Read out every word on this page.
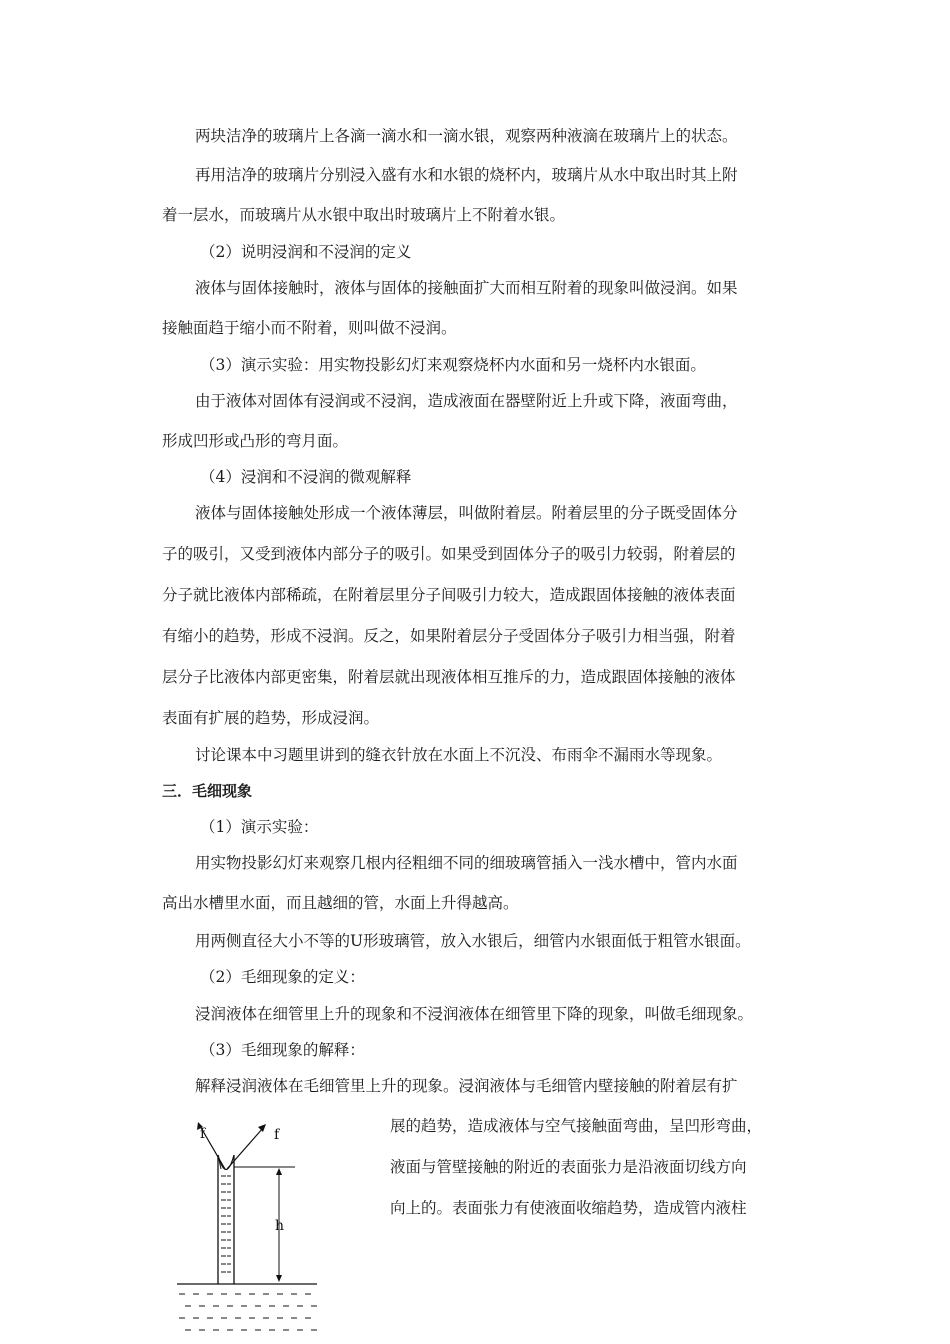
两块洁净的玻璃片上各滴一滴水和一滴水银，观察两种液滴在玻璃片上的状态。
再用洁净的玻璃片分别浸入盛有水和水银的烧杯内，玻璃片从水中取出时其上附
着一层水，而玻璃片从水银中取出时玻璃片上不附着水银。
（2）说明浸润和不浸润的定义
液体与固体接触时，液体与固体的接触面扩大而相互附着的现象叫做浸润。如果
接触面趋于缩小而不附着，则叫做不浸润。
（3）演示实验：用实物投影幻灯来观察烧杯内水面和另一烧杯内水银面。
由于液体对固体有浸润或不浸润，造成液面在器壁附近上升或下降，液面弯曲，
形成凹形或凸形的弯月面。
（4）浸润和不浸润的微观解释
液体与固体接触处形成一个液体薄层，叫做附着层。附着层里的分子既受固体分
子的吸引，又受到液体内部分子的吸引。如果受到固体分子的吸引力较弱，附着层的
分子就比液体内部稀疏，在附着层里分子间吸引力较大，造成跟固体接触的液体表面
有缩小的趋势，形成不浸润。反之，如果附着层分子受固体分子吸引力相当强，附着
层分子比液体内部更密集，附着层就出现液体相互推斥的力，造成跟固体接触的液体
表面有扩展的趋势，形成浸润。
讨论课本中习题里讲到的缝衣针放在水面上不沉没、布雨伞不漏雨水等现象。
三．毛细现象
（1）演示实验：
用实物投影幻灯来观察几根内径粗细不同的细玻璃管插入一浅水槽中，管内水面
高出水槽里水面，而且越细的管，水面上升得越高。
用两侧直径大小不等的U形玻璃管，放入水银后，细管内水银面低于粗管水银面。
（2）毛细现象的定义：
浸润液体在细管里上升的现象和不浸润液体在细管里下降的现象，叫做毛细现象。
（3）毛细现象的解释：
解释浸润液体在毛细管里上升的现象。浸润液体与毛细管内壁接触的附着层有扩
展的趋势，造成液体与空气接触面弯曲，呈凹形弯曲，
液面与管壁接触的附近的表面张力是沿液面切线方向
向上的。表面张力有使液面收缩趋势，造成管内液柱
f	f
h
